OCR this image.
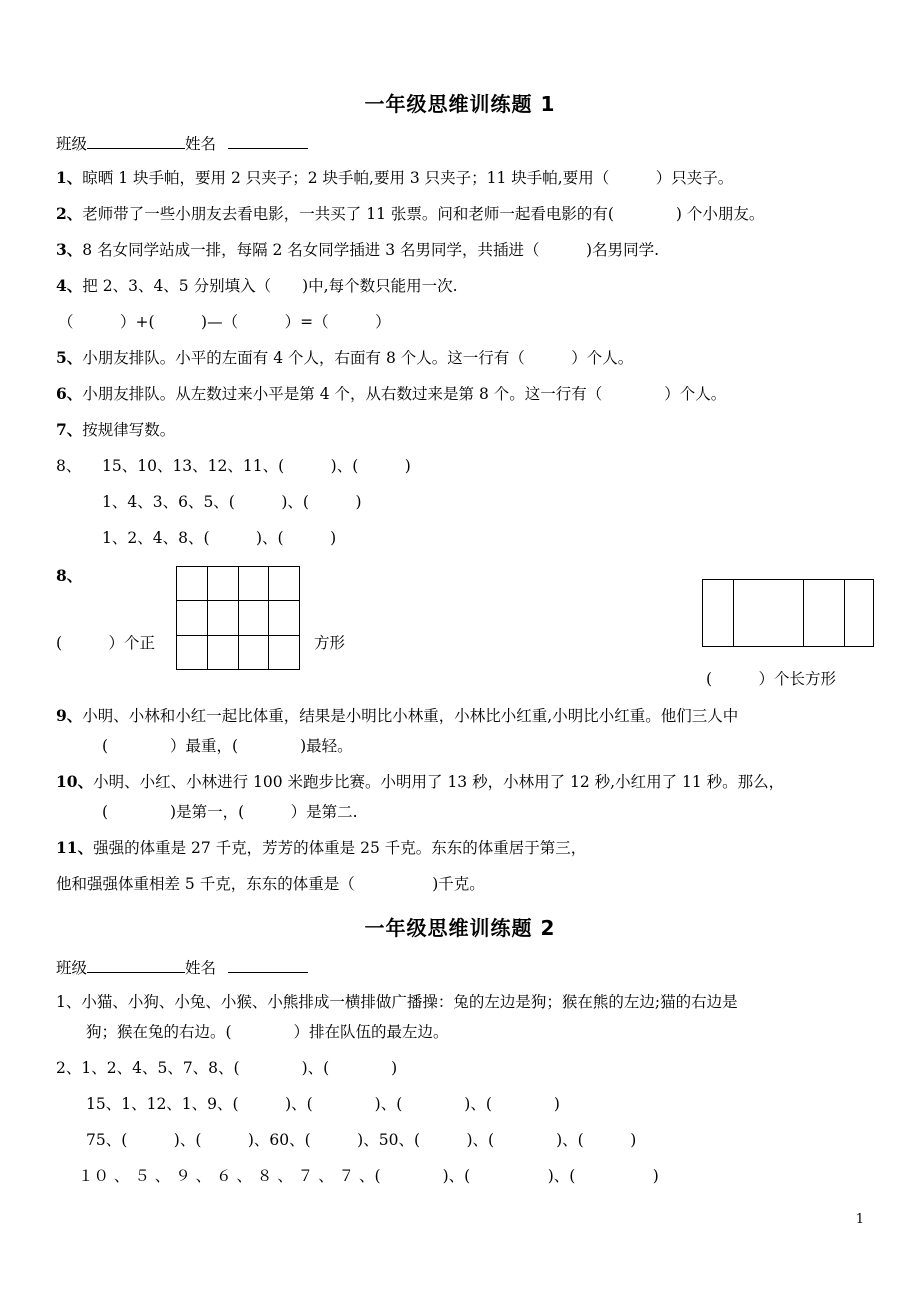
一年级思维训练题 1
班级	姓名
1、晾晒 1 块手帕，要用 2 只夹子；2 块手帕,要用 3 只夹子；11 块手帕,要用（　　　）只夹子。
2、老师带了一些小朋友去看电影，一共买了 11 张票。问和老师一起看电影的有(　　　　) 个小朋友。
3、8 名女同学站成一排，每隔 2 名女同学插进 3 名男同学，共插进（　　　)名男同学.
4、把 2、3、4、5 分别填入（　　)中,每个数只能用一次.
（　　　）+(　　　)—（　　　）=（　　　）
5、小朋友排队。小平的左面有 4 个人，右面有 8 个人。这一行有（　　　）个人。
6、小朋友排队。从左数过来小平是第 4 个，从右数过来是第 8 个。这一行有（　　　　）个人。
7、按规律写数。
8、 15、10、13、12、11、(　　　)、(　　　)
1、4、3、6、5、(　　　)、(　　　)
1、2、4、8、(　　　)、(　　　)
8、

(　　　）个正	方形
(　　　）个长方形
9、小明、小林和小红一起比体重，结果是小明比小林重，小林比小红重,小明比小红重。他们三人中
(　　　　）最重，(　　　　)最轻。
10、小明、小红、小林进行 100 米跑步比赛。小明用了 13 秒，小林用了 12 秒,小红用了 11 秒。那么，
(　　　　)是第一，(　　　）是第二.
11、强强的体重是 27 千克，芳芳的体重是 25 千克。东东的体重居于第三，
他和强强体重相差 5 千克，东东的体重是（　　　　　)千克。
一年级思维训练题 2
班级	姓名
1、小猫、小狗、小兔、小猴、小熊排成一横排做广播操：兔的左边是狗；猴在熊的左边;猫的右边是
狗；猴在兔的右边。(　　　　）排在队伍的最左边。
2、1、2、4、5、7、8、(　　　　)、(　　　　)
15、1、12、1、9、(　　　)、(　　　　)、(　　　　)、(　　　　)
75、(　　　)、(　　　)、60、(　　　)、50、(　　　)、(　　　　)、(　　　)
１０ 、 ５ 、 ９ 、 ６ 、 ８ 、 ７ 、 ７ 、(　　　　)、(　　　　　)、(　　　　　)
1
